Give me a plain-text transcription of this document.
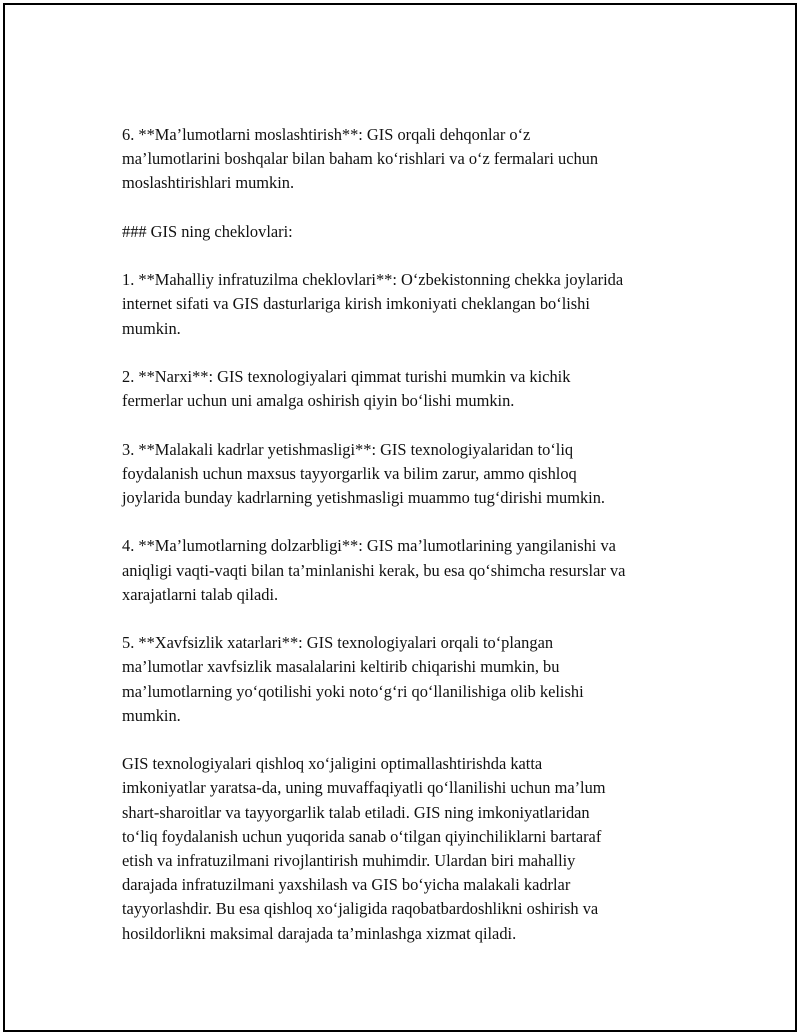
6. **Ma’lumotlarni moslashtirish**: GIS orqali dehqonlar o‘z
ma’lumotlarini boshqalar bilan baham ko‘rishlari va o‘z fermalari uchun
moslashtirishlari mumkin.

### GIS ning cheklovlari:

1. **Mahalliy infratuzilma cheklovlari**: O‘zbekistonning chekka joylarida
internet sifati va GIS dasturlariga kirish imkoniyati cheklangan bo‘lishi
mumkin.

2. **Narxi**: GIS texnologiyalari qimmat turishi mumkin va kichik
fermerlar uchun uni amalga oshirish qiyin bo‘lishi mumkin.

3. **Malakali kadrlar yetishmasligi**: GIS texnologiyalaridan to‘liq
foydalanish uchun maxsus tayyorgarlik va bilim zarur, ammo qishloq
joylarida bunday kadrlarning yetishmasligi muammo tug‘dirishi mumkin.

4. **Ma’lumotlarning dolzarbligi**: GIS ma’lumotlarining yangilanishi va
aniqligi vaqti-vaqti bilan ta’minlanishi kerak, bu esa qo‘shimcha resurslar va
xarajatlarni talab qiladi.

5. **Xavfsizlik xatarlari**: GIS texnologiyalari orqali to‘plangan
ma’lumotlar xavfsizlik masalalarini keltirib chiqarishi mumkin, bu
ma’lumotlarning yo‘qotilishi yoki noto‘g‘ri qo‘llanilishiga olib kelishi
mumkin.

GIS texnologiyalari qishloq xo‘jaligini optimallashtirishda katta
imkoniyatlar yaratsa-da, uning muvaffaqiyatli qo‘llanilishi uchun ma’lum
shart-sharoitlar va tayyorgarlik talab etiladi. GIS ning imkoniyatlaridan
to‘liq foydalanish uchun yuqorida sanab o‘tilgan qiyinchiliklarni bartaraf
etish va infratuzilmani rivojlantirish muhimdir. Ulardan biri mahalliy
darajada infratuzilmani yaxshilash va GIS bo‘yicha malakali kadrlar
tayyorlashdir. Bu esa qishloq xo‘jaligida raqobatbardoshlikni oshirish va
hosildorlikni maksimal darajada ta’minlashga xizmat qiladi.
